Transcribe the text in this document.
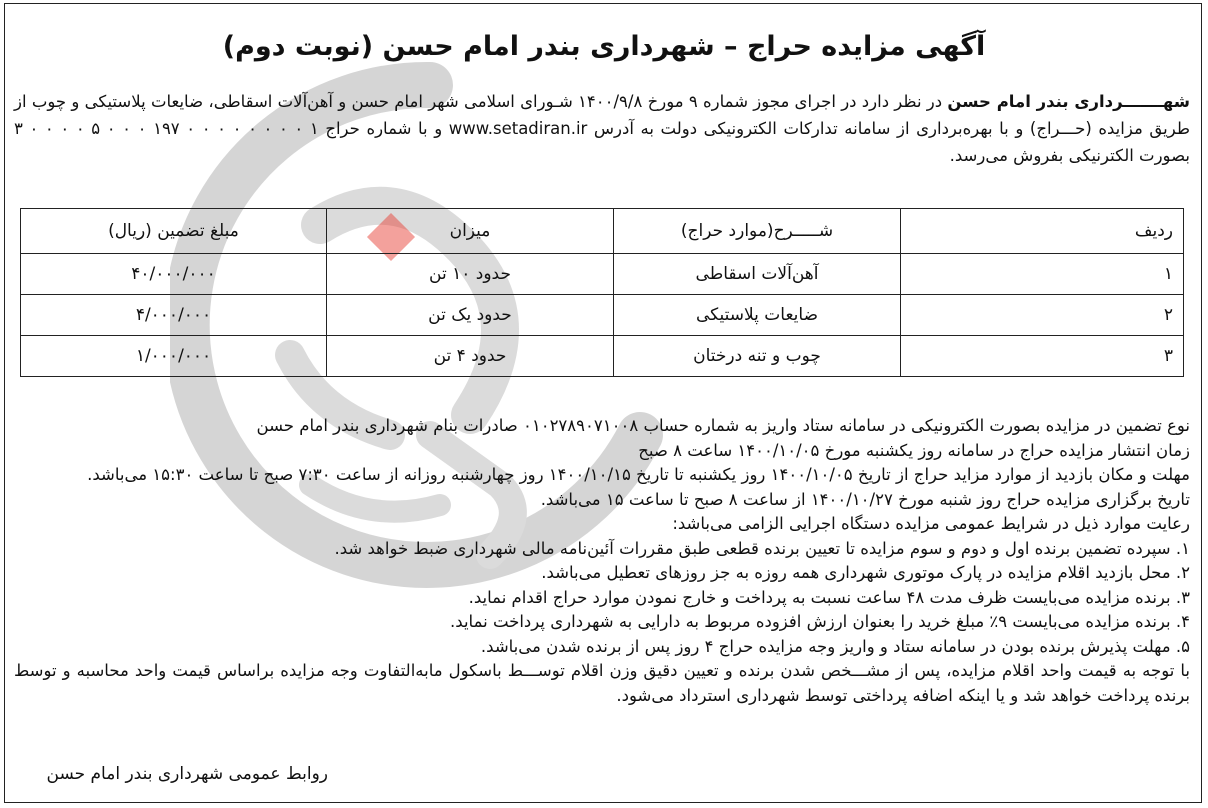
آگهی مزایده حراج – شهرداری بندر امام حسن (نوبت دوم)
شهـــــــرداری بندر امام حسن در نظر دارد در اجرای مجوز شماره ۹ مورخ ۱۴۰۰/۹/۸ شـورای اسلامی شهر امام حسن و آهن‌آلات اسقاطی، ضایعات پلاستیکی و چوب از طریق مزایده (حـــراج) و با بهره‌برداری از سامانه تدارکات الکترونیکی دولت به آدرس www.setadiran.ir و با شماره حراج ۱ ۰ ۰ ۰ ۰ ۰ ۰ ۰ ۰ ۱۹۷ ۰ ۰ ۰ ۵ ۰ ۰ ۰ ۰ ۳ بصورت الکترنیکی بفروش می‌رسد.
ردیف	شـــــرح(موارد حراج)	میزان	مبلغ تضمین (ریال)
۱	آهن‌آلات اسقاطی	حدود ۱۰ تن	۴۰/۰۰۰/۰۰۰
۲	ضایعات پلاستیکی	حدود یک تن	۴/۰۰۰/۰۰۰
۳	چوب و تنه درختان	حدود ۴ تن	۱/۰۰۰/۰۰۰

نوع تضمین در مزایده بصورت الکترونیکی در سامانه ستاد واریز به شماره حساب ۰۱۰۲۷۸۹۰۷۱۰۰۸ صادرات بنام شهرداری بندر امام حسن

زمان انتشار مزایده حراج در سامانه روز یکشنبه مورخ ۱۴۰۰/۱۰/۰۵ ساعت ۸ صبح

مهلت و مکان بازدید از موارد مزاید حراج از تاریخ ۱۴۰۰/۱۰/۰۵ روز یکشنبه تا تاریخ ۱۴۰۰/۱۰/۱۵ روز چهارشنبه روزانه از ساعت ۷:۳۰ صبح تا ساعت ۱۵:۳۰ می‌باشد.

تاریخ برگزاری مزایده حراج روز شنبه مورخ ۱۴۰۰/۱۰/۲۷ از ساعت ۸ صبح تا ساعت ۱۵ می‌باشد.

رعایت موارد ذیل در شرایط عمومی مزایده دستگاه اجرایی الزامی می‌باشد:

۱. سپرده تضمین برنده اول و دوم و سوم مزایده تا تعیین برنده قطعی طبق مقررات آئین‌نامه مالی شهرداری ضبط خواهد شد.

۲. محل بازدید اقلام مزایده در پارک موتوری شهرداری همه روزه به جز روزهای تعطیل می‌باشد.

۳. برنده مزایده می‌بایست ظرف مدت ۴۸ ساعت نسبت به پرداخت و خارج نمودن موارد حراج اقدام نماید.

۴. برنده مزایده می‌بایست ۹٪ مبلغ خرید را بعنوان ارزش افزوده مربوط به دارایی به شهرداری پرداخت نماید.

۵. مهلت پذیرش برنده بودن در سامانه ستاد و واریز وجه مزایده حراج ۴ روز پس از برنده شدن می‌باشد.

با توجه به قیمت واحد اقلام مزایده، پس از مشـــخص شدن برنده و تعیین دقیق وزن اقلام توســـط باسکول مابه‌التفاوت وجه مزایده براساس قیمت واحد محاسبه و توسط برنده پرداخت خواهد شد و یا اینکه اضافه پرداختی توسط شهرداری استرداد می‌شود.

روابط عمومی شهرداری بندر امام حسن
